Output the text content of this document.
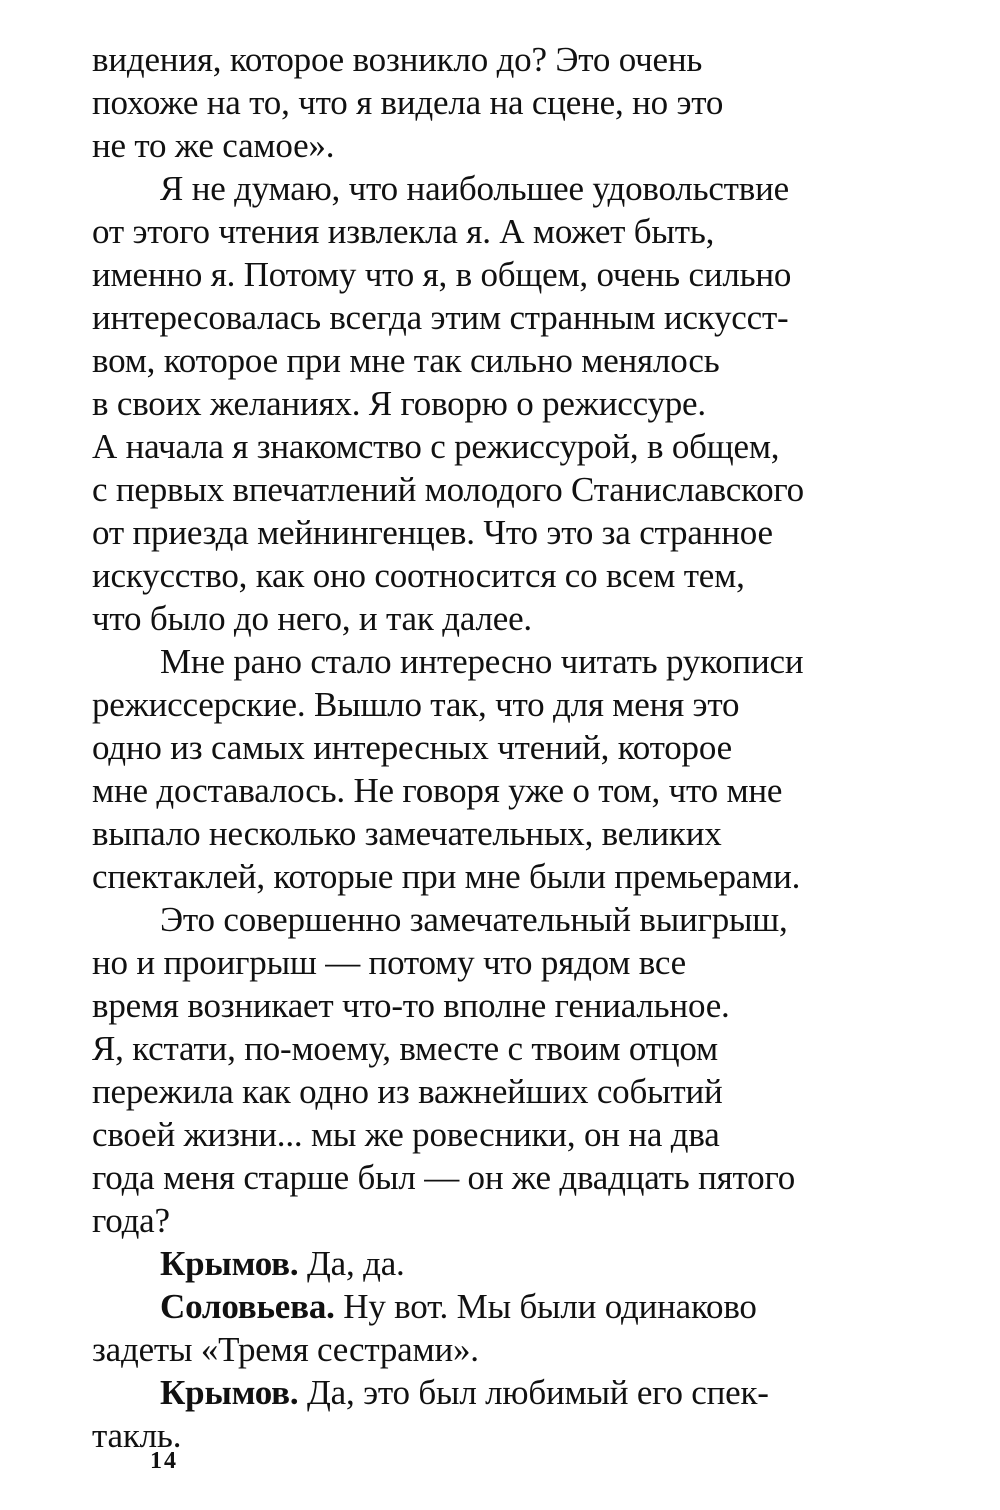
видения, которое возникло до? Это очень
похоже на то, что я видела на сцене, но это
не то же самое».
Я не думаю, что наибольшее удовольствие
от этого чтения извлекла я. А может быть,
именно я. Потому что я, в общем, очень сильно
интересовалась всегда этим странным искусст-
вом, которое при мне так сильно менялось
в своих желаниях. Я говорю о режиссуре.
А начала я знакомство с режиссурой, в общем,
с первых впечатлений молодого Станиславского
от приезда мейнингенцев. Что это за странное
искусство, как оно соотносится со всем тем,
что было до него, и так далее.
Мне рано стало интересно читать рукописи
режиссерские. Вышло так, что для меня это
одно из самых интересных чтений, которое
мне доставалось. Не говоря уже о том, что мне
выпало несколько замечательных, великих
спектаклей, которые при мне были премьерами.
Это совершенно замечательный выигрыш,
но и проигрыш — потому что рядом все
время возникает что-то вполне гениальное.
Я, кстати, по-моему, вместе с твоим отцом
пережила как одно из важнейших событий
своей жизни... мы же ровесники, он на два
года меня старше был — он же двадцать пятого
года?
Крымов. Да, да.
Соловьева. Ну вот. Мы были одинаково
задеты «Тремя сестрами».
Крымов. Да, это был любимый его спек-
такль.
14
